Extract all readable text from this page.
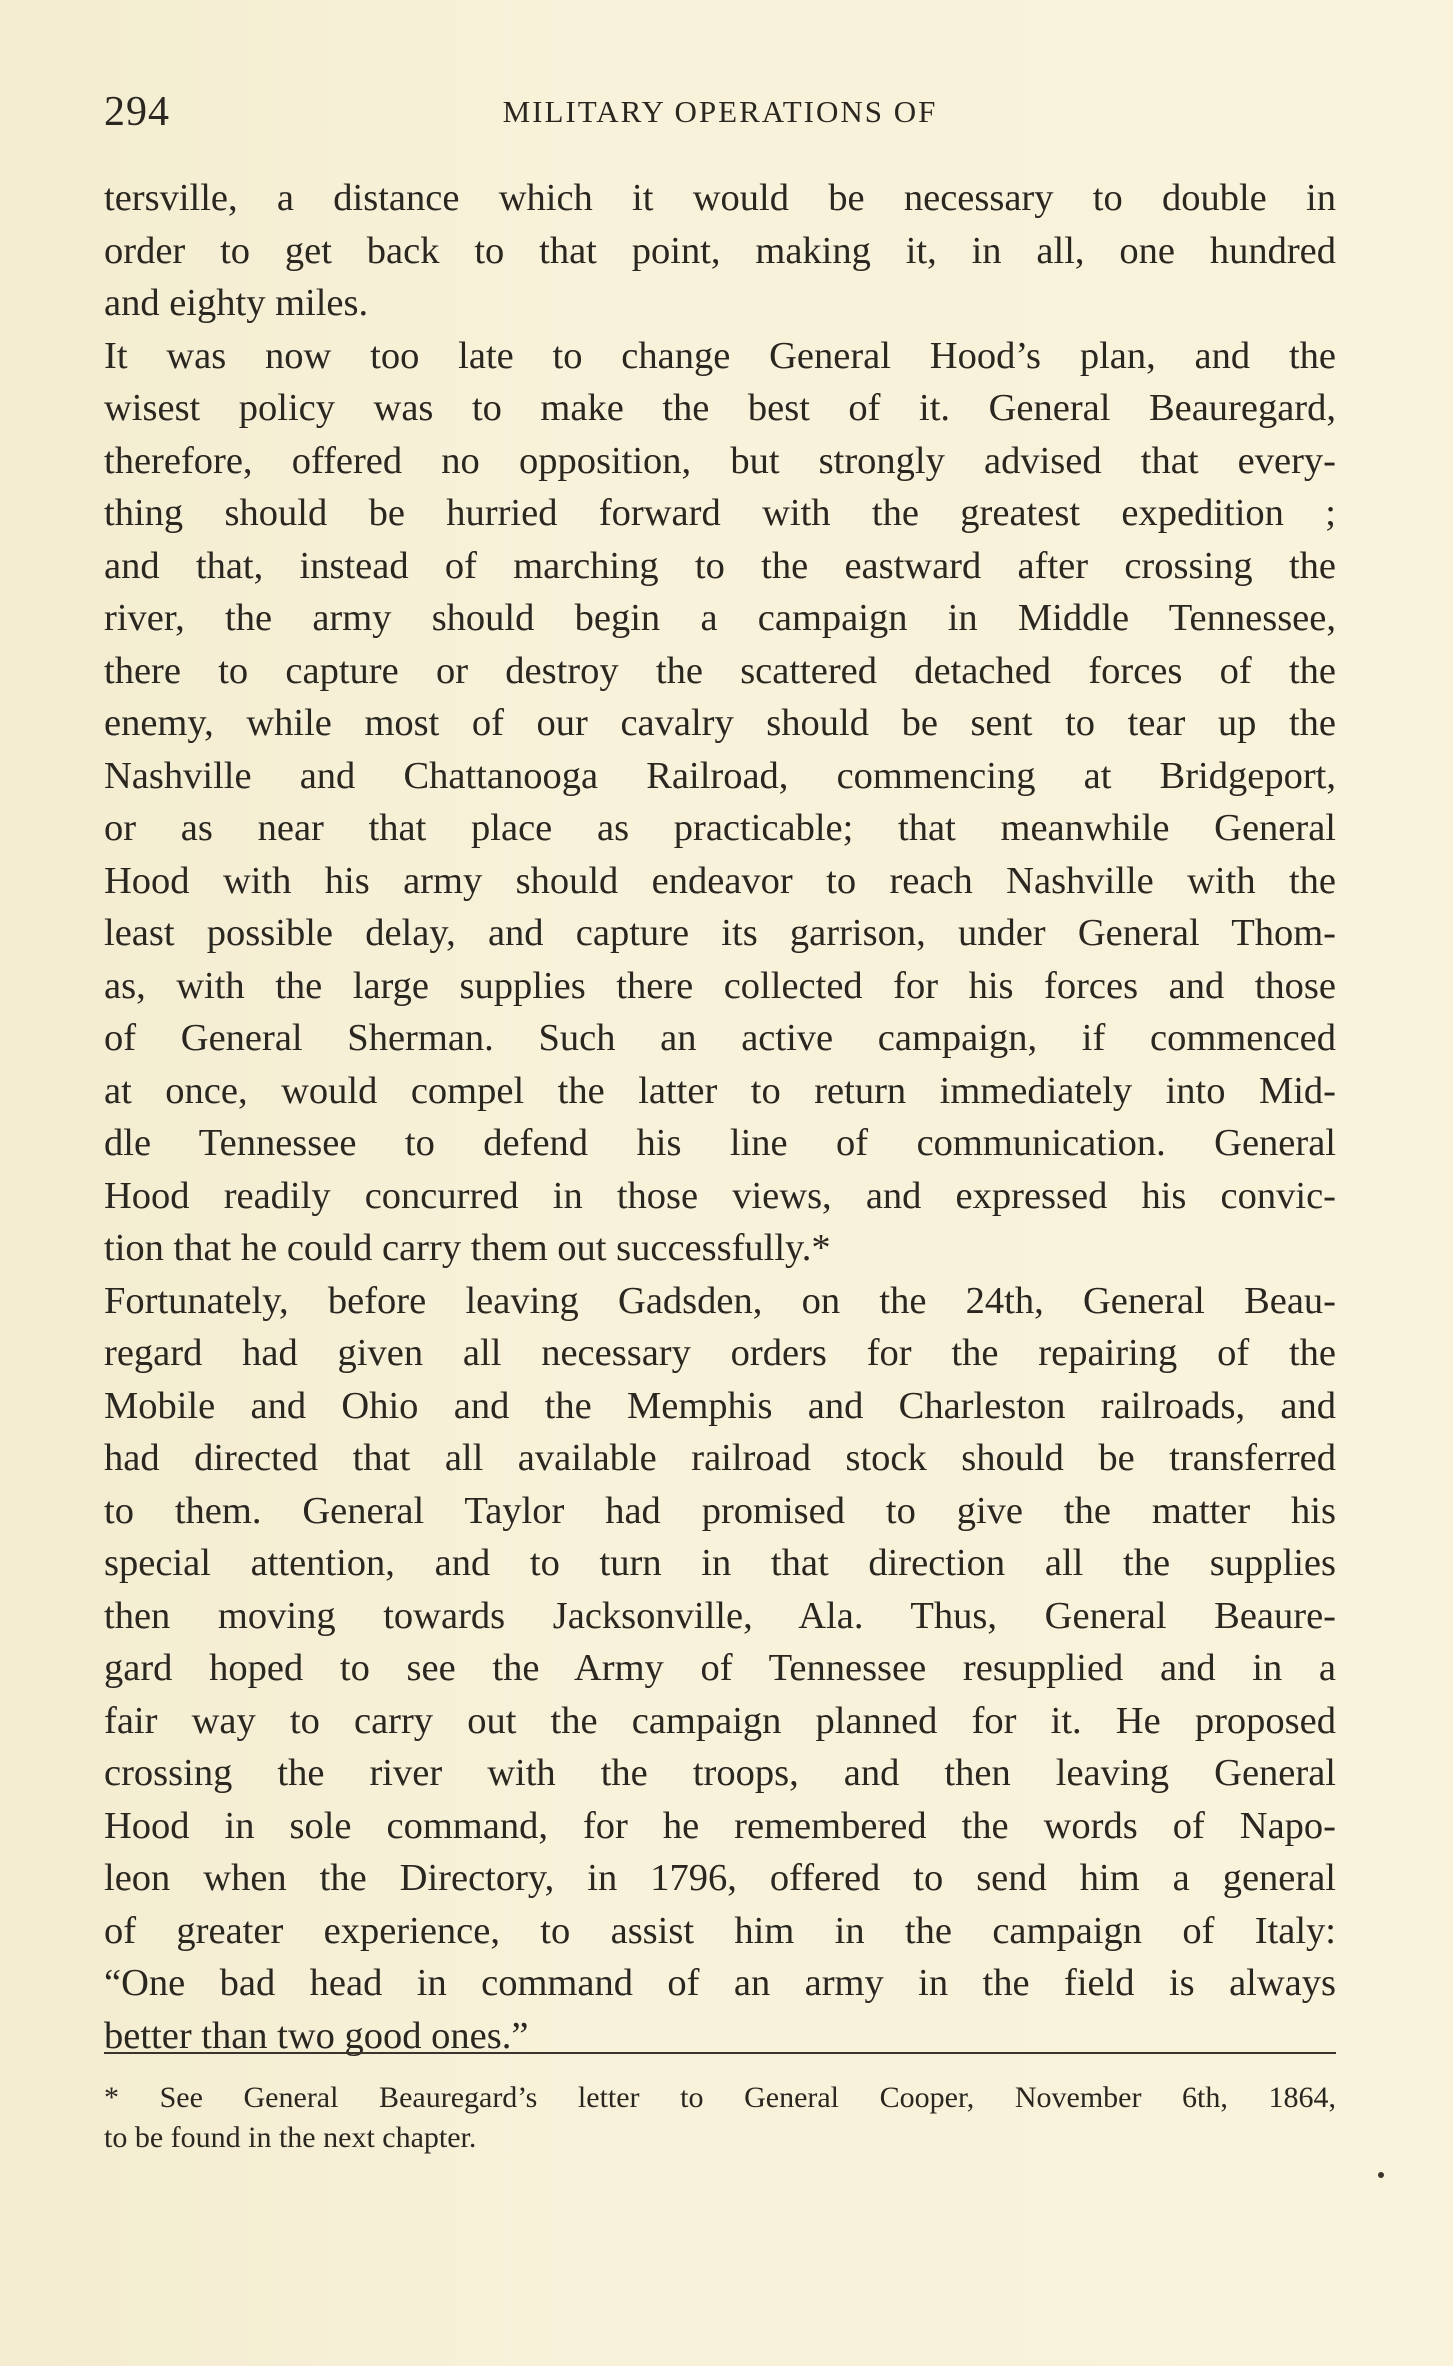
294	MILITARY OPERATIONS OF
tersville, a distance which it would be necessary to double in
order to get back to that point, making it, in all, one hundred
and eighty miles.
It was now too late to change General Hood’s plan, and the
wisest policy was to make the best of it. General Beauregard,
therefore, offered no opposition, but strongly advised that every-
thing should be hurried forward with the greatest expedition ;
and that, instead of marching to the eastward after crossing the
river, the army should begin a campaign in Middle Tennessee,
there to capture or destroy the scattered detached forces of the
enemy, while most of our cavalry should be sent to tear up the
Nashville and Chattanooga Railroad, commencing at Bridgeport,
or as near that place as practicable; that meanwhile General
Hood with his army should endeavor to reach Nashville with the
least possible delay, and capture its garrison, under General Thom-
as, with the large supplies there collected for his forces and those
of General Sherman. Such an active campaign, if commenced
at once, would compel the latter to return immediately into Mid-
dle Tennessee to defend his line of communication. General
Hood readily concurred in those views, and expressed his convic-
tion that he could carry them out successfully.*
Fortunately, before leaving Gadsden, on the 24th, General Beau-
regard had given all necessary orders for the repairing of the
Mobile and Ohio and the Memphis and Charleston railroads, and
had directed that all available railroad stock should be transferred
to them. General Taylor had promised to give the matter his
special attention, and to turn in that direction all the supplies
then moving towards Jacksonville, Ala. Thus, General Beaure-
gard hoped to see the Army of Tennessee resupplied and in a
fair way to carry out the campaign planned for it. He proposed
crossing the river with the troops, and then leaving General
Hood in sole command, for he remembered the words of Napo-
leon when the Directory, in 1796, offered to send him a general
of greater experience, to assist him in the campaign of Italy:
“One bad head in command of an army in the field is always
better than two good ones.”
* See General Beauregard’s letter to General Cooper, November 6th, 1864,
to be found in the next chapter.
